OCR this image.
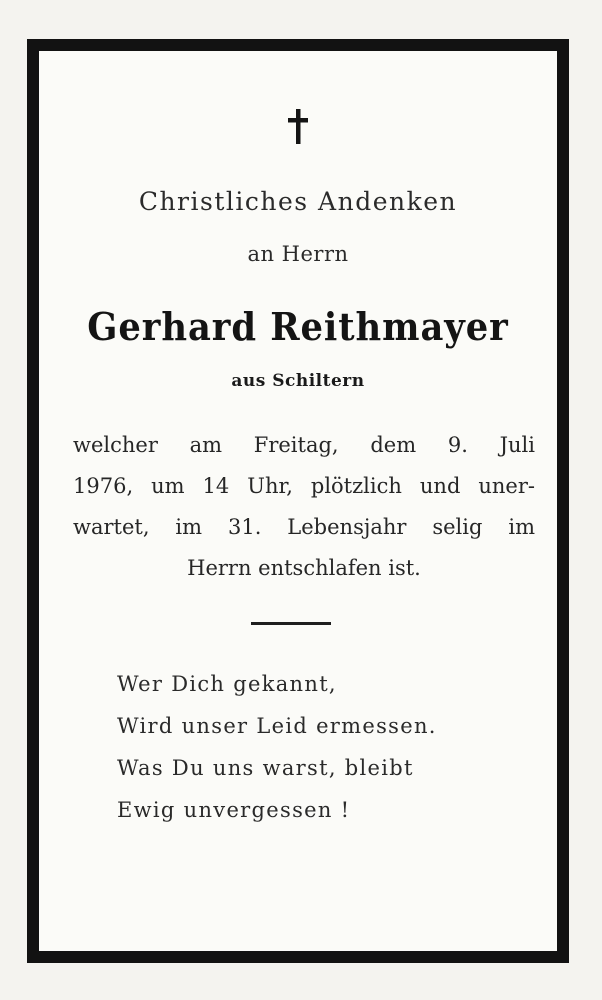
Christliches Andenken
an Herrn
Gerhard Reithmayer
aus Schiltern
welcher am Freitag, dem 9. Juli
1976, um 14 Uhr, plötzlich und uner-
wartet, im 31. Lebensjahr selig im
Herrn entschlafen ist.
Wer Dich gekannt,
Wird unser Leid ermessen.
Was Du uns warst, bleibt
Ewig unvergessen !
